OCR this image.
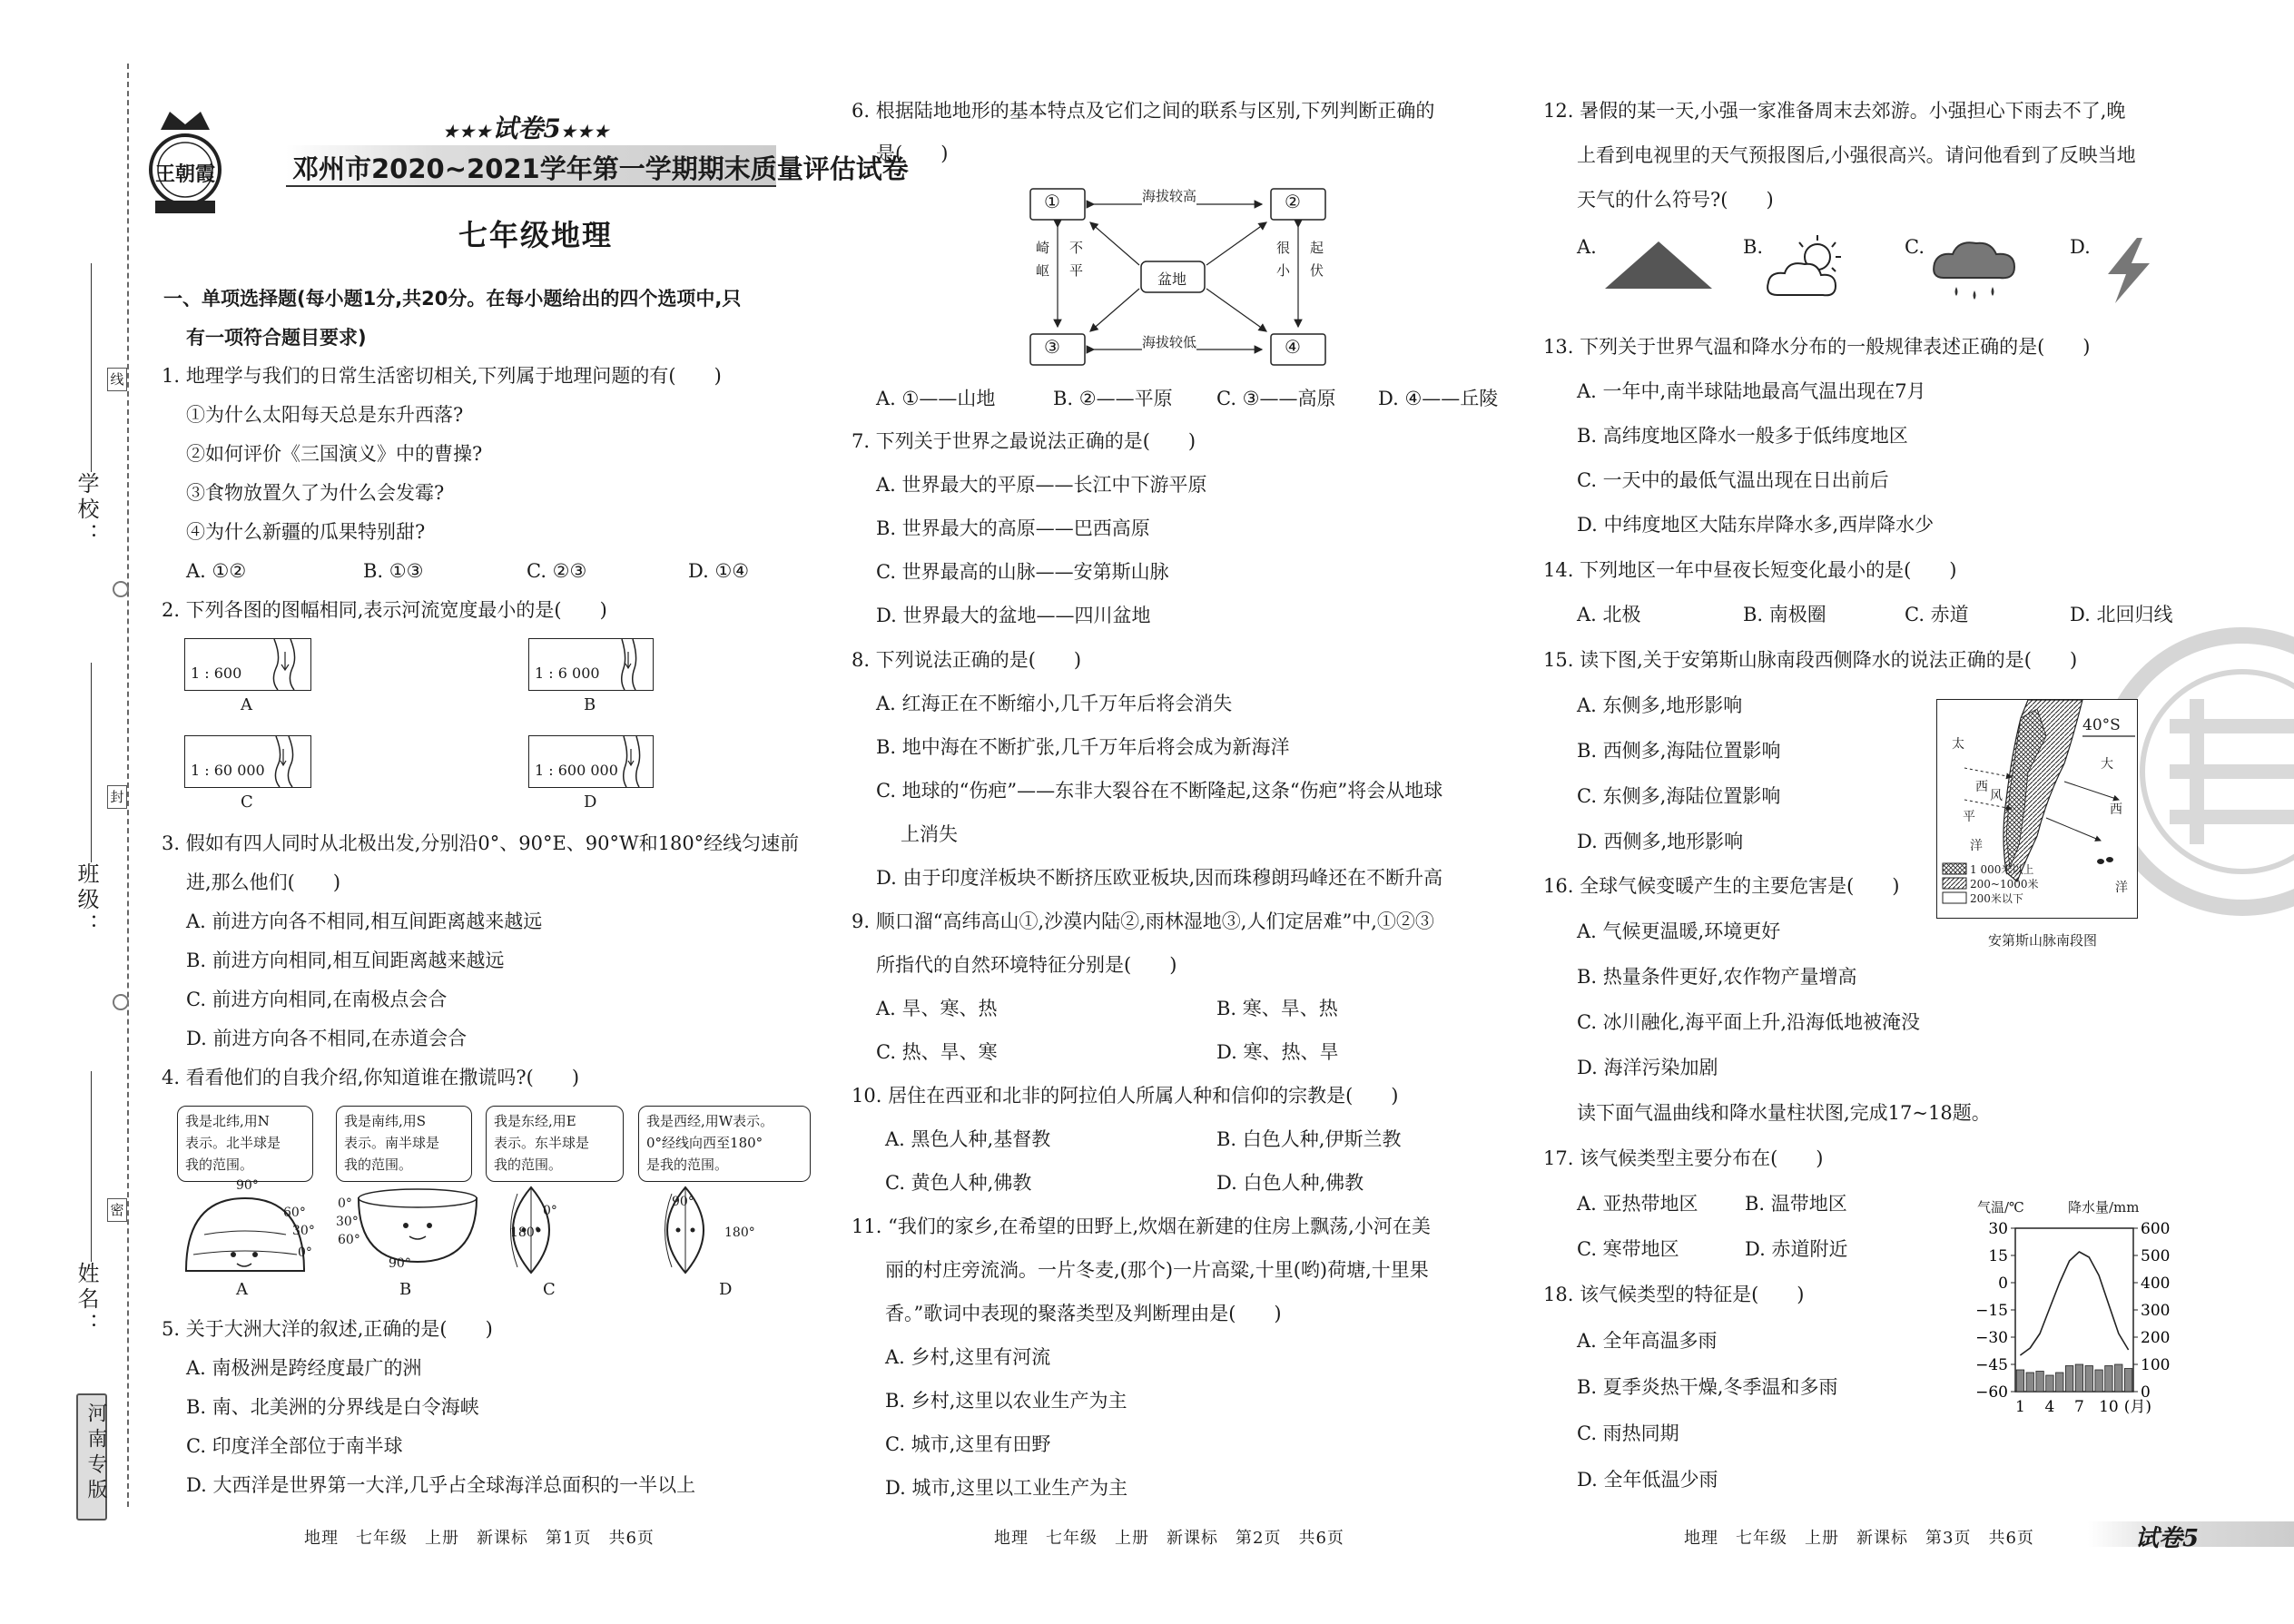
学校：
班级：
姓名：
线
封
密
河南专版
王朝霞
★★★试卷5★★★
邓州市2020~2021学年第一学期期末质量评估试卷
七年级地理
一、单项选择题(每小题1分,共20分。在每小题给出的四个选项中,只
有一项符合题目要求)
1. 地理学与我们的日常生活密切相关,下列属于地理问题的有(　　)
①为什么太阳每天总是东升西落?
②如何评价《三国演义》中的曹操?
③食物放置久了为什么会发霉?
④为什么新疆的瓜果特别甜?
A. ①②	B. ①③	C. ②③	D. ①④
2. 下列各图的图幅相同,表示河流宽度最小的是(　　)
1 : 600
A
1 : 6 000
B
1 : 60 000
C
1 : 600 000
D
3. 假如有四人同时从北极出发,分别沿0°、90°E、90°W和180°经线匀速前
进,那么他们(　　)
A. 前进方向各不相同,相互间距离越来越远
B. 前进方向相同,相互间距离越来越远
C. 前进方向相同,在南极点会合
D. 前进方向各不相同,在赤道会合
4. 看看他们的自我介绍,你知道谁在撒谎吗?(　　)
我是北纬,用N
表示。北半球是
我的范围。
我是南纬,用S
表示。南半球是
我的范围。
我是东经,用E
表示。东半球是
我的范围。
我是西经,用W表示。
0°经线向西至180°
是我的范围。
90°
60°
30°
0°
0°
30°
60°
90°
0°
180°
90°
180°
A	B	C	D
5. 关于大洲大洋的叙述,正确的是(　　)
A. 南极洲是跨经度最广的洲
B. 南、北美洲的分界线是白令海峡
C. 印度洋全部位于南半球
D. 大西洋是世界第一大洋,几乎占全球海洋总面积的一半以上
地理　七年级　上册　新课标　第1页　共6页
6. 根据陆地地形的基本特点及它们之间的联系与区别,下列判断正确的
是(　　)
①	②
③	④
盆地
海拔较高
海拔较低
崎岖 不平	起伏
很小
A. ①——山地	B. ②——平原 C. ③——高原 D. ④——丘陵
7. 下列关于世界之最说法正确的是(　　)
A. 世界最大的平原——长江中下游平原
B. 世界最大的高原——巴西高原
C. 世界最高的山脉——安第斯山脉
D. 世界最大的盆地——四川盆地
8. 下列说法正确的是(　　)
A. 红海正在不断缩小,几千万年后将会消失
B. 地中海在不断扩张,几千万年后将会成为新海洋
C. 地球的“伤疤”——东非大裂谷在不断隆起,这条“伤疤”将会从地球
上消失
D. 由于印度洋板块不断挤压欧亚板块,因而珠穆朗玛峰还在不断升高
9. 顺口溜“高纬高山①,沙漠内陆②,雨林湿地③,人们定居难”中,①②③
所指代的自然环境特征分别是(　　)
A. 旱、寒、热	B. 寒、旱、热
C. 热、旱、寒	D. 寒、热、旱
10. 居住在西亚和北非的阿拉伯人所属人种和信仰的宗教是(　　)
A. 黑色人种,基督教	B. 白色人种,伊斯兰教
C. 黄色人种,佛教	D. 白色人种,佛教
11. “我们的家乡,在希望的田野上,炊烟在新建的住房上飘荡,小河在美
丽的村庄旁流淌。一片冬麦,(那个)一片高粱,十里(哟)荷塘,十里果
香。”歌词中表现的聚落类型及判断理由是(　　)
A. 乡村,这里有河流
B. 乡村,这里以农业生产为主
C. 城市,这里有田野
D. 城市,这里以工业生产为主
地理　七年级　上册　新课标　第2页　共6页
12. 暑假的某一天,小强一家准备周末去郊游。小强担心下雨去不了,晚
上看到电视里的天气预报图后,小强很高兴。请问他看到了反映当地
天气的什么符号?(　　)
A.	B.	C.	D.
13. 下列关于世界气温和降水分布的一般规律表述正确的是(　　)
A. 一年中,南半球陆地最高气温出现在7月
B. 高纬度地区降水一般多于低纬度地区
C. 一天中的最低气温出现在日出前后
D. 中纬度地区大陆东岸降水多,西岸降水少
14. 下列地区一年中昼夜长短变化最小的是(　　)
A. 北极	B. 南极圈	C. 赤道	D. 北回归线
15. 读下图,关于安第斯山脉南段西侧降水的说法正确的是(　　)
A. 东侧多,地形影响
B. 西侧多,海陆位置影响
C. 东侧多,海陆位置影响
D. 西侧多,地形影响
40°S
太
平
洋
西
风
大
西
洋
1 000米以上
200~1000米
200米以下
安第斯山脉南段图
16. 全球气候变暖产生的主要危害是(　　)
A. 气候更温暖,环境更好
B. 热量条件更好,农作物产量增高
C. 冰川融化,海平面上升,沿海低地被淹没
D. 海洋污染加剧
读下面气温曲线和降水量柱状图,完成17~18题。
17. 该气候类型主要分布在(　　)
A. 亚热带地区 B. 温带地区
C. 寒带地区	D. 赤道附近
18. 该气候类型的特征是(　　)
A. 全年高温多雨
B. 夏季炎热干燥,冬季温和多雨
C. 雨热同期
D. 全年低温少雨
气温/℃	降水量/mm
30
15
0
−15
−30
−45
−60
600
500
400
300
200
100
0
1 4 7 10 (月)
地理　七年级　上册　新课标　第3页　共6页	试卷5
